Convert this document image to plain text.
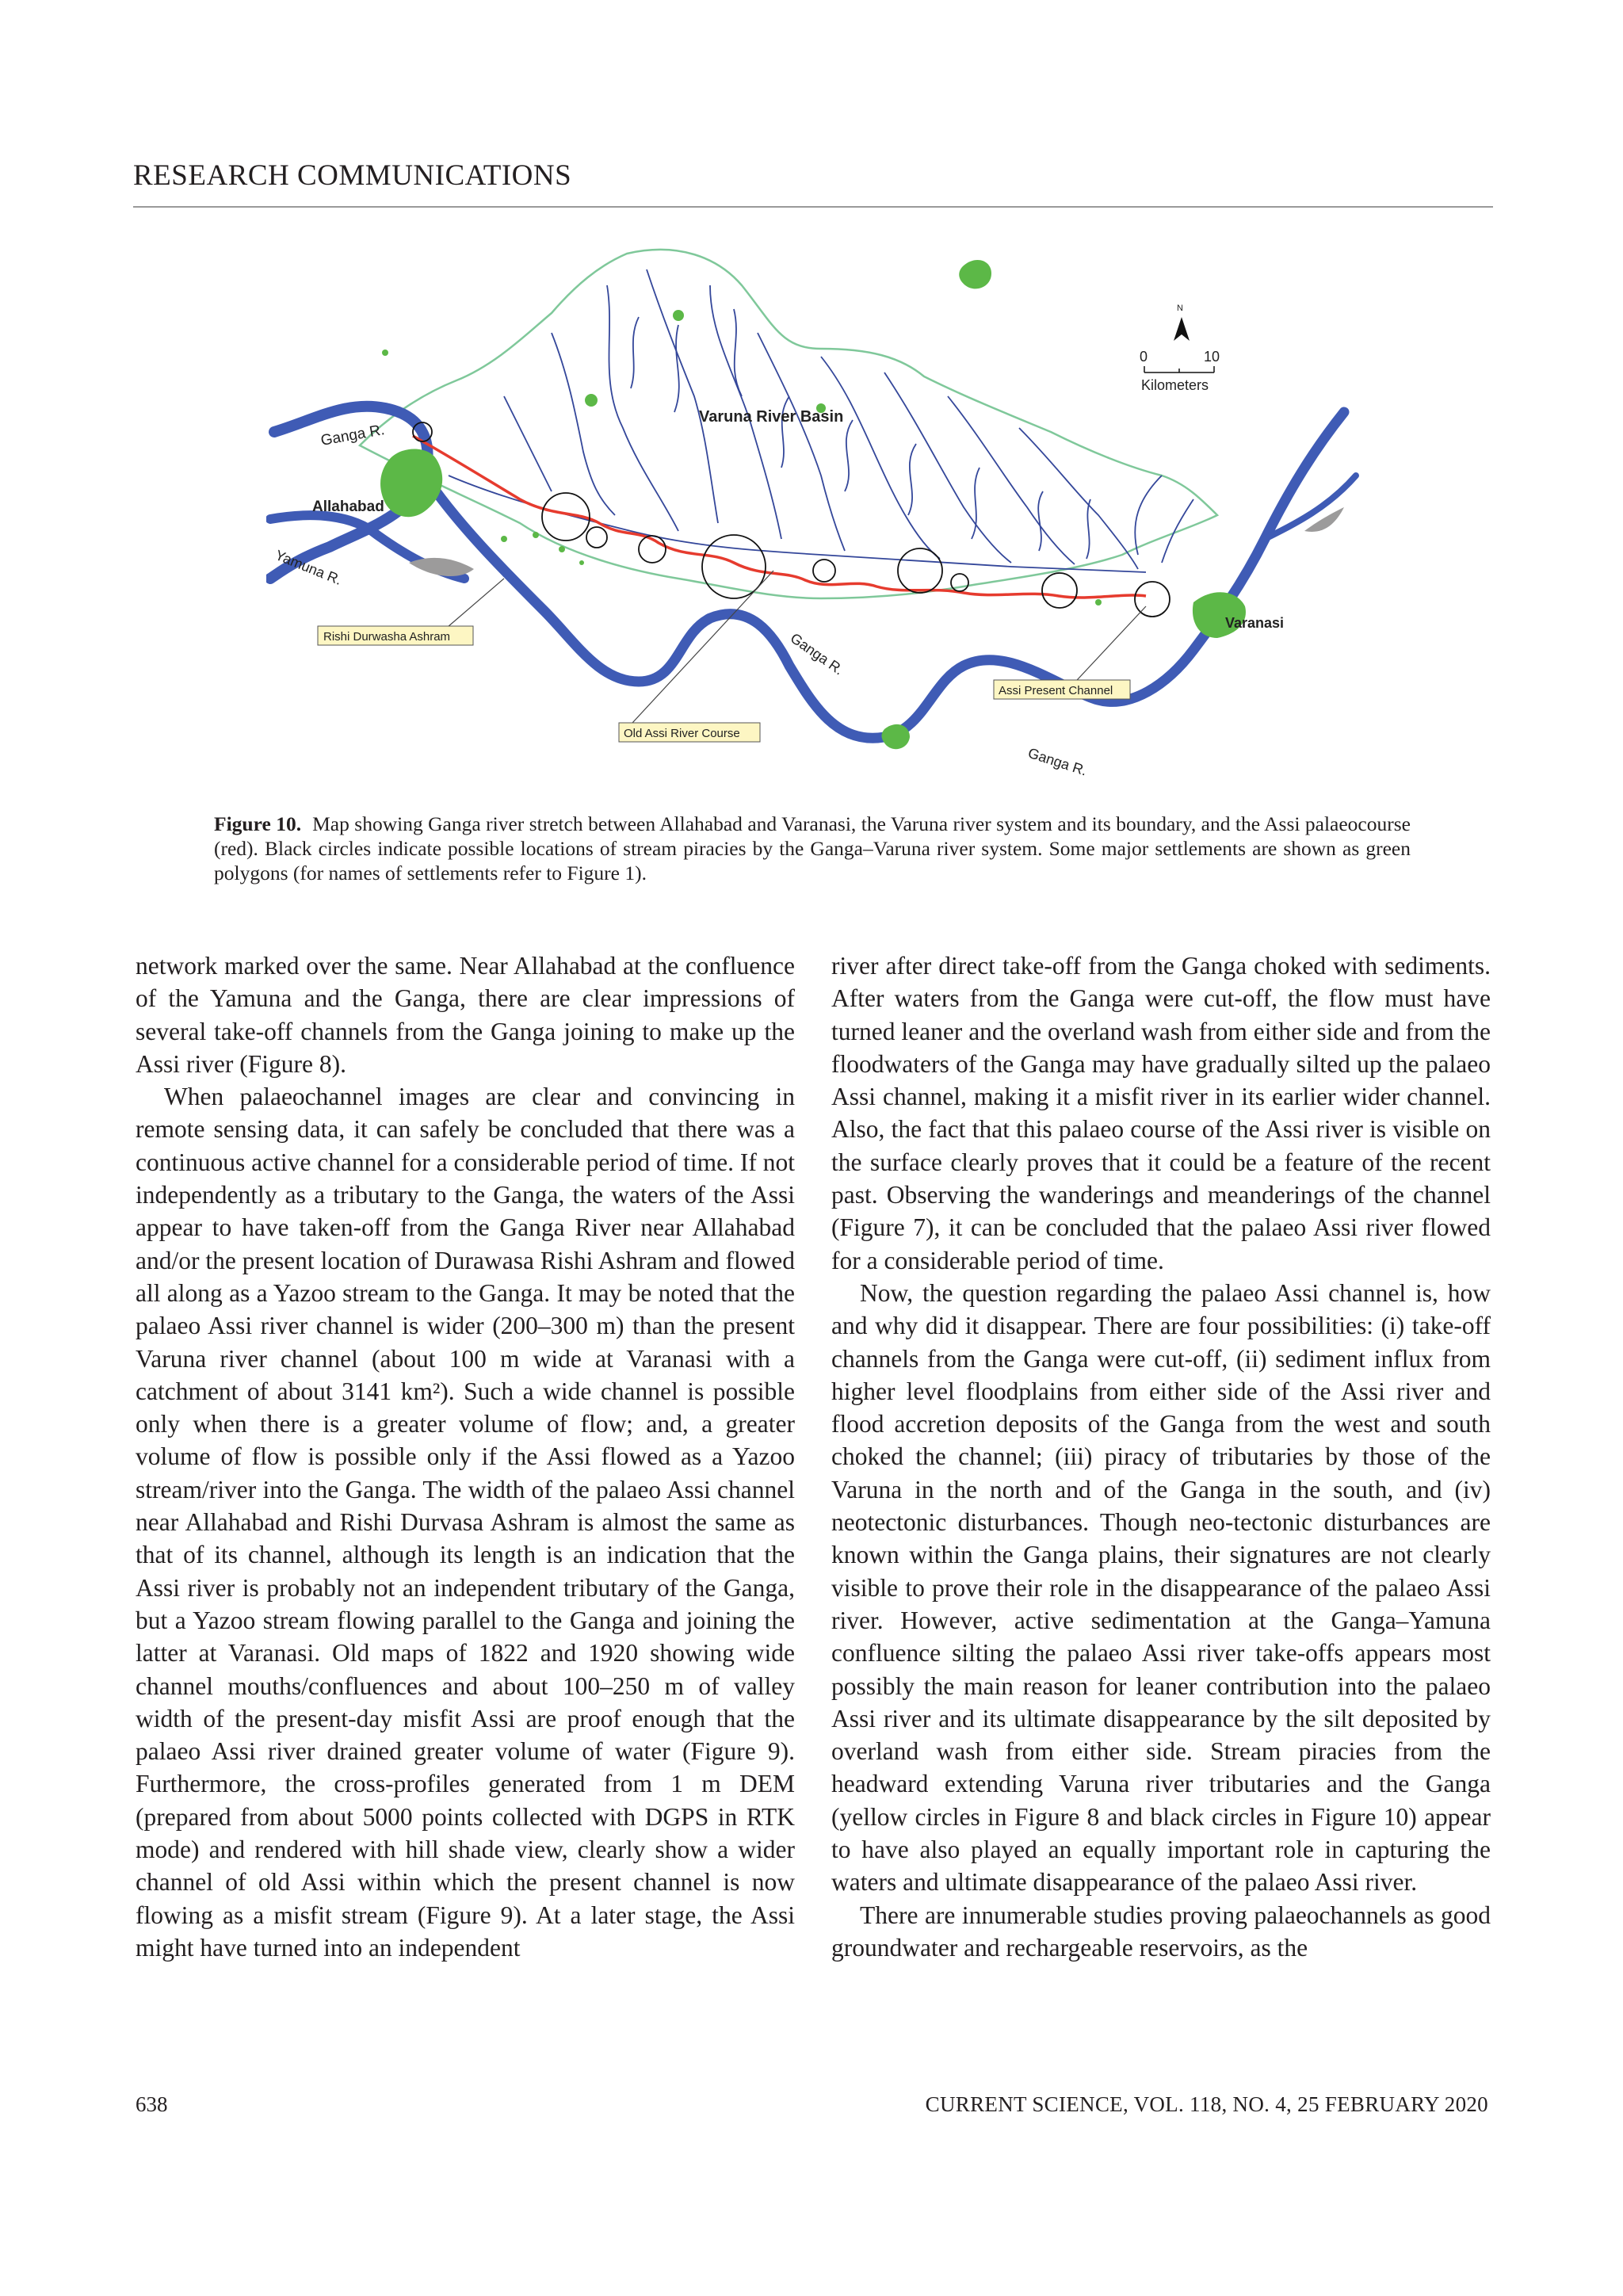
RESEARCH COMMUNICATIONS
N
0	10
Kilometers
Varuna River Basin
Ganga R.
Allahabad
Yamuna R.
Ganga R.
Ganga R.
Varanasi
Rishi Durwasha Ashram
Old Assi River Course
Assi Present Channel
Figure 10. Map showing Ganga river stretch between Allahabad and Varanasi, the Varuna river system and its boundary, and the Assi palaeocourse (red). Black circles indicate possible locations of stream piracies by the Ganga–Varuna river system. Some major settlements are shown as green polygons (for names of settlements refer to Figure 1).

network marked over the same. Near Allahabad at the confluence of the Yamuna and the Ganga, there are clear impressions of several take-off channels from the Ganga joining to make up the Assi river (Figure 8).

When palaeochannel images are clear and convincing in remote sensing data, it can safely be concluded that there was a continuous active channel for a considerable period of time. If not independently as a tributary to the Ganga, the waters of the Assi appear to have taken-off from the Ganga River near Allahabad and/or the present location of Durawasa Rishi Ashram and flowed all along as a Yazoo stream to the Ganga. It may be noted that the palaeo Assi river channel is wider (200–300 m) than the present Varuna river channel (about 100 m wide at Varanasi with a catchment of about 3141 km²). Such a wide channel is possible only when there is a greater volume of flow; and, a greater volume of flow is possible only if the Assi flowed as a Yazoo stream/river into the Ganga. The width of the palaeo Assi channel near Allahabad and Rishi Durvasa Ashram is almost the same as that of its channel, although its length is an indication that the Assi river is probably not an independent tributary of the Ganga, but a Yazoo stream flowing parallel to the Ganga and joining the latter at Varanasi. Old maps of 1822 and 1920 showing wide channel mouths/confluences and about 100–250 m of valley width of the present-day misfit Assi are proof enough that the palaeo Assi river drained greater volume of water (Figure 9). Furthermore, the cross-profiles generated from 1 m DEM (prepared from about 5000 points collected with DGPS in RTK mode) and rendered with hill shade view, clearly show a wider channel of old Assi within which the present channel is now flowing as a misfit stream (Figure 9). At a later stage, the Assi might have turned into an independent

river after direct take-off from the Ganga choked with sediments. After waters from the Ganga were cut-off, the flow must have turned leaner and the overland wash from either side and from the floodwaters of the Ganga may have gradually silted up the palaeo Assi channel, making it a misfit river in its earlier wider channel. Also, the fact that this palaeo course of the Assi river is visible on the surface clearly proves that it could be a feature of the recent past. Observing the wanderings and meanderings of the channel (Figure 7), it can be concluded that the palaeo Assi river flowed for a considerable period of time.

Now, the question regarding the palaeo Assi channel is, how and why did it disappear. There are four possibilities: (i) take-off channels from the Ganga were cut-off, (ii) sediment influx from higher level floodplains from either side of the Assi river and flood accretion deposits of the Ganga from the west and south choked the channel; (iii) piracy of tributaries by those of the Varuna in the north and of the Ganga in the south, and (iv) neotectonic disturbances. Though neo-tectonic disturbances are known within the Ganga plains, their signatures are not clearly visible to prove their role in the disappearance of the palaeo Assi river. However, active sedimentation at the Ganga–Yamuna confluence silting the palaeo Assi river take-offs appears most possibly the main reason for leaner contribution into the palaeo Assi river and its ultimate disappearance by the silt deposited by overland wash from either side. Stream piracies from the headward extending Varuna river tributaries and the Ganga (yellow circles in Figure 8 and black circles in Figure 10) appear to have also played an equally important role in capturing the waters and ultimate disappearance of the palaeo Assi river.

There are innumerable studies proving palaeochannels as good groundwater and rechargeable reservoirs, as the

638	CURRENT SCIENCE, VOL. 118, NO. 4, 25 FEBRUARY 2020
